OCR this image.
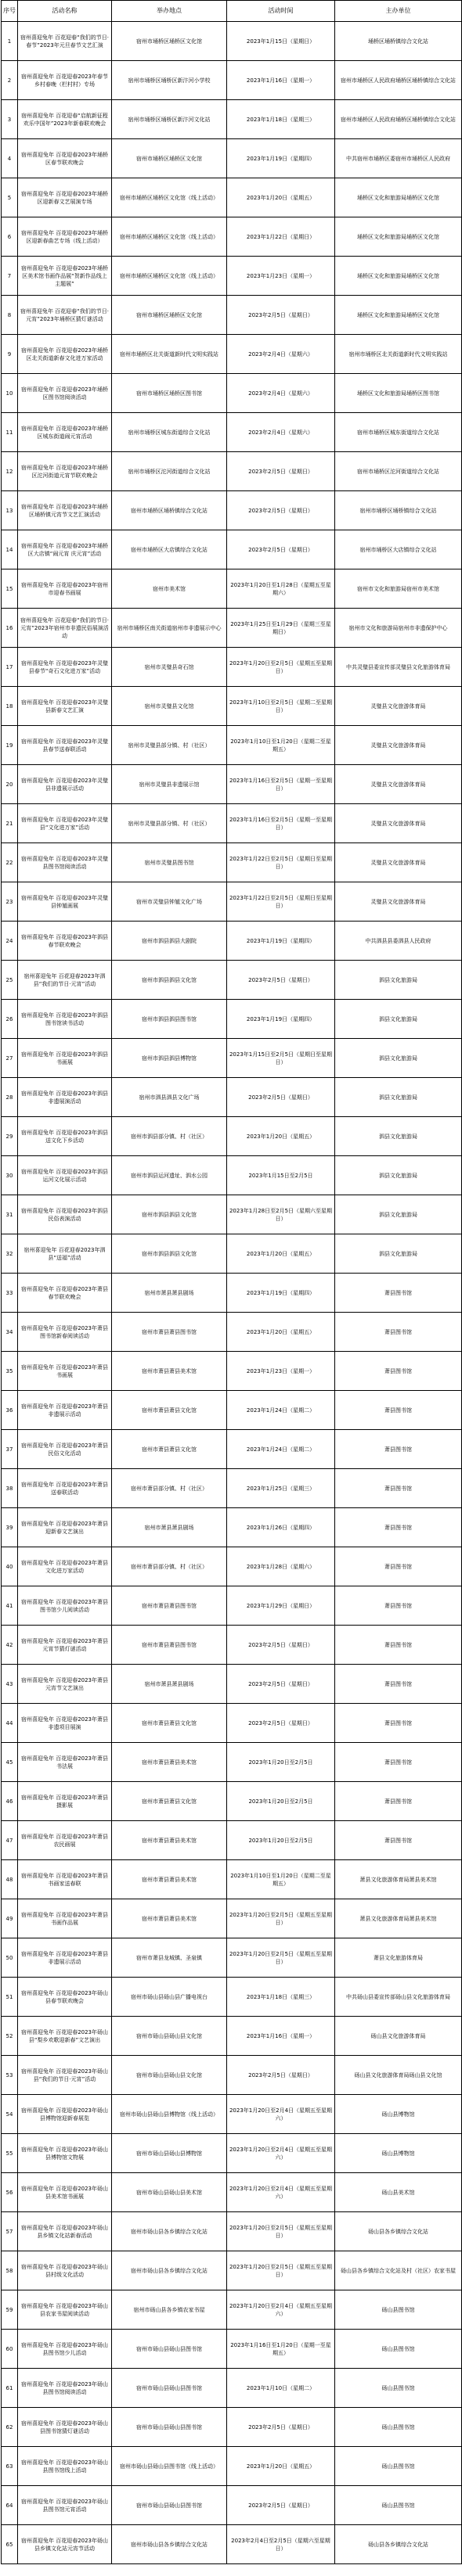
序号	活动名称	举办地点	活动时间	主办单位
1	宿州喜迎兔年 百花迎春“我们的节日·春节”2023年元旦春节文艺汇演	宿州市埇桥区埇桥区文化馆	2023年1月15日（星期日）	埇桥区埇桥镇综合文化站
2	宿州喜迎兔年 百花迎春2023年春节乡村春晚（栏村村）专场	宿州市埇桥区埇桥区新汴河小学校	2023年1月16日（星期一）	宿州市埇桥区人民政府埇桥区埇桥镇综合文化站
3	宿州喜迎兔年 百花迎春“启航新征程 欢乐中国年”2023年新春联欢晚会	宿州市埇桥区埇桥区新汴河文化站	2023年1月18日（星期三）	宿州市埇桥区人民政府埇桥区埇桥镇综合文化站
4	宿州喜迎兔年 百花迎春2023年埇桥区春节联欢晚会	宿州市埇桥区埇桥区文化馆	2023年1月19日（星期四）	中共宿州市埇桥区委宿州市埇桥区人民政府
5	宿州喜迎兔年 百花迎春2023年埇桥区迎新春文艺展演专场	宿州市埇桥区埇桥区文化馆（线上活动）	2023年1月20日（星期五）	埇桥区文化和旅游局埇桥区文化馆
6	宿州喜迎兔年 百花迎春2023年埇桥区迎新春曲艺专场（线上活动）	宿州市埇桥区埇桥区文化馆（线上活动）	2023年1月22日（星期日）	埇桥区文化和旅游局埇桥区文化馆
7	宿州喜迎兔年 百花迎春2023年埇桥区美术馆书画作品展“贺新作品线上主题展”	宿州市埇桥区埇桥区文化馆（线上活动）	2023年1月23日（星期一）	埇桥区文化和旅游局埇桥区文化馆
8	宿州喜迎兔年 百花迎春“我们的节日·元宵”2023年埇桥区猜灯谜活动	宿州市埇桥区埇桥区文化馆	2023年2月5日（星期日）	埇桥区文化和旅游局埇桥区文化馆
9	宿州喜迎兔年 百花迎春2023年埇桥区北关街道新春文化进万家活动	宿州市埇桥区北关街道新时代文明实践站	2023年2月4日（星期六）	宿州市埇桥区北关街道新时代文明实践站
10	宿州喜迎兔年 百花迎春2023年埇桥区图书馆阅读活动	宿州市埇桥区埇桥区图书馆	2023年2月4日（星期六）	埇桥区文化和旅游局埇桥区图书馆
11	宿州喜迎兔年 百花迎春2023年埇桥区城东街道闹元宵活动	宿州市埇桥区城东街道综合文化站	2023年2月4日（星期六）	宿州市埇桥区城东街道综合文化站
12	宿州喜迎兔年 百花迎春2023年埇桥区沱河街道元宵节联欢晚会	宿州市埇桥区沱河街道综合文化站	2023年2月5日（星期日）	宿州市埇桥区沱河街道综合文化站
13	宿州喜迎兔年 百花迎春2023年埇桥区埇桥镇元宵节文艺汇演活动	宿州市埇桥区埇桥镇综合文化站	2023年2月5日（星期日）	宿州市埇桥区埇桥镇综合文化站
14	宿州喜迎兔年 百花迎春2023年埇桥区大店镇“闹元宵 庆元宵”活动	宿州市埇桥区大店镇综合文化站	2023年2月5日（星期日）	宿州市埇桥区大店镇综合文化站
15	宿州喜迎兔年 百花迎春2023年宿州市迎春书画展	宿州市美术馆	2023年1月20日至1月28日（星期五至星期六）	宿州市文化和旅游局宿州市美术馆
16	宿州喜迎兔年 百花迎春“我们的节日·元宵”2023年宿州市非遗民俗展演活动	宿州市埇桥区南关街道宿州市非遗展示中心	2023年1月25日至1月29日（星期三至星期日）	宿州市文化和旅游局宿州市非遗保护中心
17	宿州喜迎兔年 百花迎春2023年灵璧县春节“奇石文化进万家”活动	宿州市灵璧县奇石馆	2023年1月20日至2月5日（星期五至星期日）	中共灵璧县委宣传部灵璧县文化旅游体育局
18	宿州喜迎兔年 百花迎春2023年灵璧县新春文艺汇演	宿州市灵璧县文化馆	2023年1月10日至2月5日（星期二至星期日）	灵璧县文化旅游体育局
19	宿州喜迎兔年 百花迎春2023年灵璧县春节送春联活动	宿州市灵璧县部分镇、村（社区）	2023年1月10日至1月20日（星期二至星期五）	灵璧县文化旅游体育局
20	宿州喜迎兔年 百花迎春2023年灵璧县非遗展示活动	宿州市灵璧县非遗展示馆	2023年1月16日至2月5日（星期一至星期日）	灵璧县文化旅游体育局
21	宿州喜迎兔年 百花迎春2023年灵璧县“文化进万家”活动	宿州市灵璧县部分镇、村（社区）	2023年1月16日至2月5日（星期一至星期日）	灵璧县文化旅游体育局
22	宿州喜迎兔年 百花迎春2023年灵璧县图书馆阅读活动	宿州市灵璧县图书馆	2023年1月22日至2月5日（星期日至星期日）	灵璧县文化旅游体育局
23	宿州喜迎兔年 百花迎春2023年灵璧县钟馗画展	宿州市灵璧县钟馗文化广场	2023年1月22日至2月5日（星期日至星期日）	灵璧县文化旅游体育局
24	宿州喜迎兔年 百花迎春2023年泗县春节联欢晚会	宿州市泗县泗县大剧院	2023年1月19日（星期四）	中共泗县县委泗县人民政府
25	宿州喜迎兔年 百花迎春2023年泗县“我们的节日·元宵”活动	宿州市泗县泗县文化馆	2023年2月5日（星期日）	泗县文化旅游局
26	宿州喜迎兔年 百花迎春2023年泗县图书馆读书活动	宿州市泗县泗县图书馆	2023年1月19日（星期四）	泗县文化旅游局
27	宿州喜迎兔年 百花迎春2023年泗县书画展	宿州市泗县泗县博物馆	2023年1月15日至2月5日（星期日至星期日）	泗县文化旅游局
28	宿州喜迎兔年 百花迎春2023年泗县非遗展演活动	宿州市泗县泗县文化广场	2023年2月5日（星期日）	泗县文化旅游局
29	宿州喜迎兔年 百花迎春2023年泗县送文化下乡活动	宿州市泗县部分镇、村（社区）	2023年1月20日（星期五）	泗县文化旅游局
30	宿州喜迎兔年 百花迎春2023年泗县运河文化展示活动	宿州市泗县运河遗址、泗水公园	2023年1月15日至2月5日	泗县文化旅游局
31	宿州喜迎兔年 百花迎春2023年泗县民俗表演活动	宿州市泗县泗县文化馆	2023年1月28日至2月5日（星期六至星期日）	泗县文化旅游局
32	宿州喜迎兔年 百花迎春2023年泗县“送福”活动	宿州市泗县泗县文化馆	2023年1月20日（星期五）	泗县文化旅游局
33	宿州喜迎兔年 百花迎春2023年萧县春节联欢晚会	宿州市萧县萧县剧场	2023年1月19日（星期四）	萧县图书馆
34	宿州喜迎兔年 百花迎春2023年萧县图书馆新春阅读活动	宿州市萧县萧县图书馆	2023年1月20日（星期五）	萧县图书馆
35	宿州喜迎兔年 百花迎春2023年萧县书画展	宿州市萧县萧县美术馆	2023年1月23日（星期一）	萧县图书馆
36	宿州喜迎兔年 百花迎春2023年萧县非遗展示活动	宿州市萧县萧县文化馆	2023年1月24日（星期二）	萧县图书馆
37	宿州喜迎兔年 百花迎春2023年萧县民俗文化活动	宿州市萧县萧县文化馆	2023年1月24日（星期二）	萧县图书馆
38	宿州喜迎兔年 百花迎春2023年萧县送春联活动	宿州市萧县部分镇、村（社区）	2023年1月25日（星期三）	萧县图书馆
39	宿州喜迎兔年 百花迎春2023年萧县迎新春文艺演出	宿州市萧县萧县剧场	2023年1月26日（星期四）	萧县图书馆
40	宿州喜迎兔年 百花迎春2023年萧县文化进万家活动	宿州市萧县部分镇、村（社区）	2023年1月28日（星期六）	萧县图书馆
41	宿州喜迎兔年 百花迎春2023年萧县图书馆少儿阅读活动	宿州市萧县萧县图书馆	2023年1月29日（星期日）	萧县图书馆
42	宿州喜迎兔年 百花迎春2023年萧县元宵节猜灯谜活动	宿州市萧县萧县图书馆	2023年2月5日（星期日）	萧县图书馆
43	宿州喜迎兔年 百花迎春2023年萧县元宵节文艺演出	宿州市萧县萧县剧场	2023年2月5日（星期日）	萧县图书馆
44	宿州喜迎兔年 百花迎春2023年萧县非遗项目展演	宿州市萧县萧县文化馆	2023年2月5日（星期日）	萧县图书馆
45	宿州喜迎兔年 百花迎春2023年萧县书法展	宿州市萧县萧县美术馆	2023年1月20日至2月5日	萧县图书馆
46	宿州喜迎兔年 百花迎春2023年萧县摄影展	宿州市萧县萧县文化馆	2023年1月20日至2月5日	萧县图书馆
47	宿州喜迎兔年 百花迎春2023年萧县农民画展	宿州市萧县萧县美术馆	2023年1月20日至2月5日	萧县图书馆
48	宿州喜迎兔年 百花迎春2023年萧县书画家送春联	宿州市萧县萧县美术馆	2023年1月10日至1月20日（星期二至星期五）	萧县文化旅游体育局萧县美术馆
49	宿州喜迎兔年 百花迎春2023年萧县书画作品展	宿州市萧县萧县美术馆	2023年1月20日至2月5日（星期五至星期日）	萧县文化旅游体育局萧县美术馆
50	宿州喜迎兔年 百花迎春2023年萧县非遗展示活动	宿州市萧县龙城镇、圣泉镇	2023年1月20日至2月5日（星期五至星期日）	萧县文化旅游体育局
51	宿州喜迎兔年 百花迎春2023年砀山县春节联欢晚会	宿州市砀山县砀山县广播电视台	2023年1月18日（星期三）	中共砀山县委宣传部砀山县文化旅游体育局
52	宿州喜迎兔年 百花迎春2023年砀山县“梨乡欢歌迎新春”文艺演出	宿州市砀山县砀山县文化馆	2023年1月16日（星期一）	砀山县文化旅游体育局
53	宿州喜迎兔年 百花迎春2023年砀山县“我们的节日·元宵”活动	宿州市砀山县砀山县文化馆	2023年2月5日（星期日）	砀山县文化旅游体育局砀山县文化馆
54	宿州喜迎兔年 百花迎春2023年砀山县博物馆迎新春展览	宿州市砀山县砀山县博物馆（线上活动）	2023年1月20日至2月4日（星期五至星期六）	砀山县博物馆
55	宿州喜迎兔年 百花迎春2023年砀山县博物馆文物展	宿州市砀山县砀山县博物馆	2023年1月20日至2月4日（星期五至星期六）	砀山县博物馆
56	宿州喜迎兔年 百花迎春2023年砀山县美术馆书画展	宿州市砀山县砀山县美术馆	2023年1月20日至2月4日（星期五至星期六）	砀山县美术馆
57	宿州喜迎兔年 百花迎春2023年砀山县乡镇文化站新春活动	宿州市砀山县各乡镇综合文化站	2023年1月20日至2月5日（星期五至星期日）	砀山县各乡镇综合文化站
58	宿州喜迎兔年 百花迎春2023年砀山县村级文化活动	宿州市砀山县各乡镇综合文化站	2023年1月20日至2月5日（星期五至星期日）	砀山县各乡镇综合文化站及村（社区）农家书屋
59	宿州喜迎兔年 百花迎春2023年砀山县农家书屋阅读活动	宿州市砀山县各乡镇农家书屋	2023年1月20日至2月4日（星期五至星期六）	砀山县图书馆
60	宿州喜迎兔年 百花迎春2023年砀山县图书馆少儿活动	宿州市砀山县砀山县图书馆	2023年1月16日至1月20日（星期一至星期五）	砀山县图书馆
61	宿州喜迎兔年 百花迎春2023年砀山县图书馆阅读活动	宿州市砀山县砀山县图书馆	2023年1月10日（星期二）	砀山县图书馆
62	宿州喜迎兔年 百花迎春2023年砀山县图书馆猜灯谜活动	宿州市砀山县砀山县图书馆	2023年2月5日（星期日）	砀山县图书馆
63	宿州喜迎兔年 百花迎春2023年砀山县图书馆线上活动	宿州市砀山县砀山县图书馆（线上活动）	2023年1月20日（星期五）	砀山县图书馆
64	宿州喜迎兔年 百花迎春2023年砀山县图书馆元宵活动	宿州市砀山县砀山县图书馆	2023年2月5日（星期日）	砀山县图书馆
65	宿州喜迎兔年 百花迎春2023年砀山县乡镇文化站元宵节活动	宿州市砀山县各乡镇综合文化站	2023年2月4日至2月5日（星期六至星期日）	砀山县各乡镇综合文化站
